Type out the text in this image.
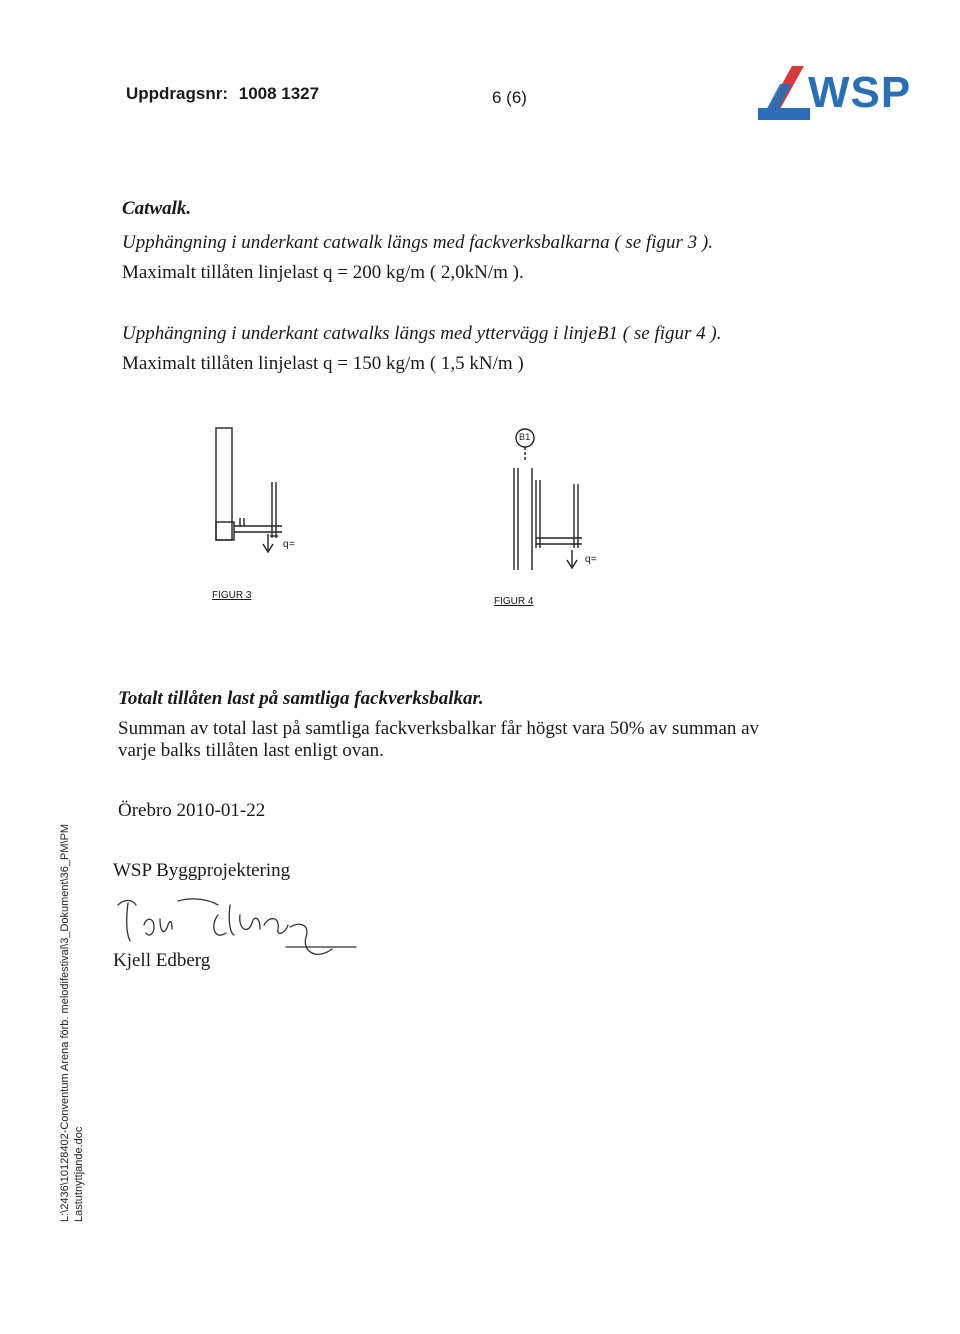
Uppdragsnr: 1008 1327	6 (6)	WSP
Catwalk.
Upphängning i underkant catwalk längs med fackverksbalkarna ( se figur 3 ).
Maximalt tillåten linjelast q = 200 kg/m ( 2,0kN/m ).
Upphängning i underkant catwalks längs med yttervägg i linjeB1 ( se figur 4 ).
Maximalt tillåten linjelast q = 150 kg/m ( 1,5 kN/m )
q=
FIGUR 3
B1
q=
FIGUR 4
Totalt tillåten last på samtliga fackverksbalkar.
Summan av total last på samtliga fackverksbalkar får högst vara 50% av summan av
varje balks tillåten last enligt ovan.
Örebro 2010-01-22
WSP Byggprojektering
Kjell Edberg
L:\2436\10128402-Conventum Arena förb. melodifestival\3_Dokument\36_PM\PM Lastutnyttjande.doc
